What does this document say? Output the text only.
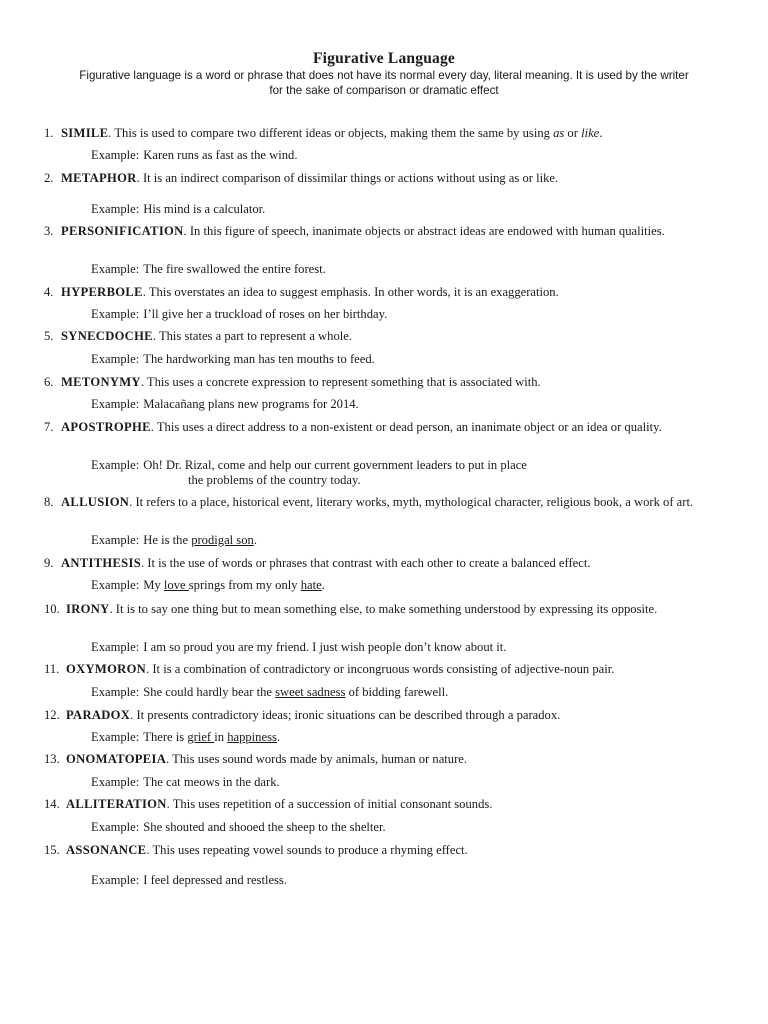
Figurative Language
Figurative language is a word or phrase that does not have its normal every day, literal meaning. It is used by the writer
for the sake of comparison or dramatic effect
1. SIMILE. This is used to compare two different ideas or objects, making them the same by using as or like.
Example: Karen runs as fast as the wind.
2. METAPHOR. It is an indirect comparison of dissimilar things or actions without using as or like.
Example: His mind is a calculator.
3. PERSONIFICATION. In this figure of speech, inanimate objects or abstract ideas are endowed with human qualities.
Example: The fire swallowed the entire forest.
4. HYPERBOLE. This overstates an idea to suggest emphasis. In other words, it is an exaggeration.
Example: I’ll give her a truckload of roses on her birthday.
5. SYNECDOCHE. This states a part to represent a whole.
Example: The hardworking man has ten mouths to feed.
6. METONYMY. This uses a concrete expression to represent something that is associated with.
Example: Malacañang plans new programs for 2014.
7. APOSTROPHE. This uses a direct address to a non-existent or dead person, an inanimate object or an idea or quality.
Example: Oh! Dr. Rizal, come and help our current government leaders to put in place
the problems of the country today.
8. ALLUSION. It refers to a place, historical event, literary works, myth, mythological character, religious book, a work of art.
Example: He is the prodigal son.
9. ANTITHESIS. It is the use of words or phrases that contrast with each other to create a balanced effect.
Example: My love springs from my only hate.
10. IRONY. It is to say one thing but to mean something else, to make something understood by expressing its opposite.
Example: I am so proud you are my friend. I just wish people don’t know about it.
11. OXYMORON. It is a combination of contradictory or incongruous words consisting of adjective-noun pair.
Example: She could hardly bear the sweet sadness of bidding farewell.
12. PARADOX. It presents contradictory ideas; ironic situations can be described through a paradox.
Example: There is grief in happiness.
13. ONOMATOPEIA. This uses sound words made by animals, human or nature.
Example: The cat meows in the dark.
14. ALLITERATION. This uses repetition of a succession of initial consonant sounds.
Example: She shouted and shooed the sheep to the shelter.
15. ASSONANCE. This uses repeating vowel sounds to produce a rhyming effect.
Example: I feel depressed and restless.
